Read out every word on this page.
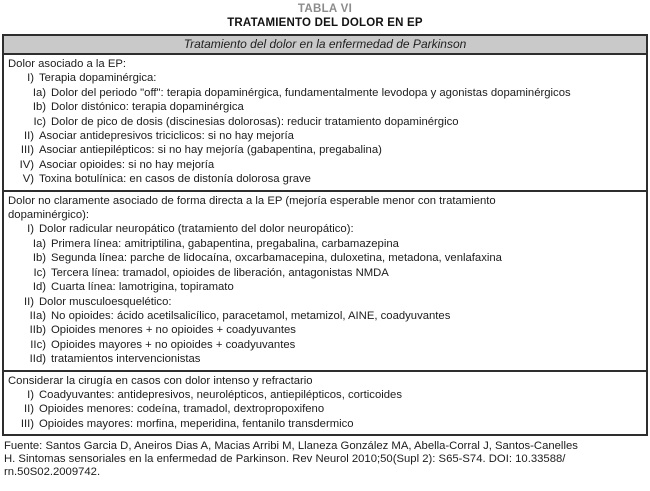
TABLA VI
TRATAMIENTO DEL DOLOR EN EP
Tratamiento del dolor en la enfermedad de Parkinson
Dolor asociado a la EP:
I) Terapia dopaminérgica:
Ia) Dolor del periodo "off": terapia dopaminérgica, fundamentalmente levodopa y agonistas dopaminérgicos
Ib) Dolor distónico: terapia dopaminérgica
Ic) Dolor de pico de dosis (discinesias dolorosas): reducir tratamiento dopaminérgico
II) Asociar antidepresivos triciclicos: si no hay mejoría
III) Asociar antiepilépticos: si no hay mejoría (gabapentina, pregabalina)
IV) Asociar opioides: si no hay mejoría
V) Toxina botulínica: en casos de distonía dolorosa grave
Dolor no claramente asociado de forma directa a la EP (mejoría esperable menor con tratamiento
dopaminérgico):
I) Dolor radicular neuropático (tratamiento del dolor neuropático):
Ia) Primera línea: amitriptilina, gabapentina, pregabalina, carbamazepina
Ib) Segunda línea: parche de lidocaína, oxcarbamacepina, duloxetina, metadona, venlafaxina
Ic) Tercera línea: tramadol, opioides de liberación, antagonistas NMDA
Id) Cuarta línea: lamotrigina, topiramato
II) Dolor musculoesquelético:
IIa) No opioides: ácido acetilsalicílico, paracetamol, metamizol, AINE, coadyuvantes
IIb) Opioides menores + no opioides + coadyuvantes
IIc) Opioides mayores + no opioides + coadyuvantes
IId) tratamientos intervencionistas
Considerar la cirugía en casos con dolor intenso y refractario
I) Coadyuvantes: antidepresivos, neurolépticos, antiepilépticos, corticoides
II) Opioides menores: codeína, tramadol, dextropropoxifeno
III) Opioides mayores: morfina, meperidina, fentanilo transdermico
Fuente: Santos Garcia D, Aneiros Dias A, Macias Arribi M, Llaneza González MA, Abella-Corral J, Santos-Canelles
H. Sintomas sensoriales en la enfermedad de Parkinson. Rev Neurol 2010;50(Supl 2): S65-S74. DOI: 10.33588/
rn.50S02.2009742.
